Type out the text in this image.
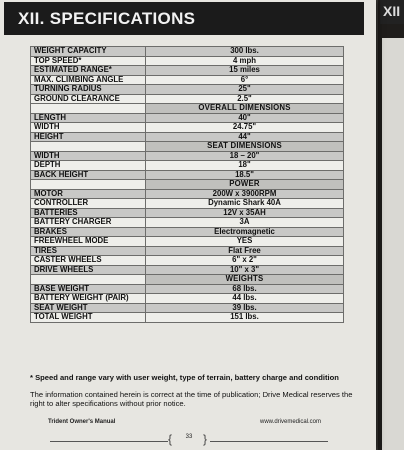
XII
XII. SPECIFICATIONS
WEIGHT CAPACITY	300 lbs.
TOP SPEED*	4 mph
ESTIMATED RANGE*	15 miles
MAX. CLIMBING ANGLE	6°
TURNING RADIUS	25"
GROUND CLEARANCE	2.5"
	OVERALL DIMENSIONS
LENGTH	40"
WIDTH	24.75"
HEIGHT	44"
	SEAT DIMENSIONS
WIDTH	18 – 20"
DEPTH	18"
BACK HEIGHT	18.5"
	POWER
MOTOR	200W x 3900RPM
CONTROLLER	Dynamic Shark 40A
BATTERIES	12V x 35AH
BATTERY CHARGER	3A
BRAKES	Electromagnetic
FREEWHEEL MODE	YES
TIRES	Flat Free
CASTER WHEELS	6" x 2"
DRIVE WHEELS	10" x 3"
	WEIGHTS
BASE WEIGHT	68 lbs.
BATTERY WEIGHT (PAIR)	44 lbs.
SEAT WEIGHT	39 lbs.
TOTAL WEIGHT	151 lbs.
* Speed and range vary with user weight, type of terrain, battery charge and condition
The information contained herein is correct at the time of publication; Drive Medical reserves the right to alter specifications without prior notice.
Trident Owner's Manual	www.drivemedical.com
{	33 }
